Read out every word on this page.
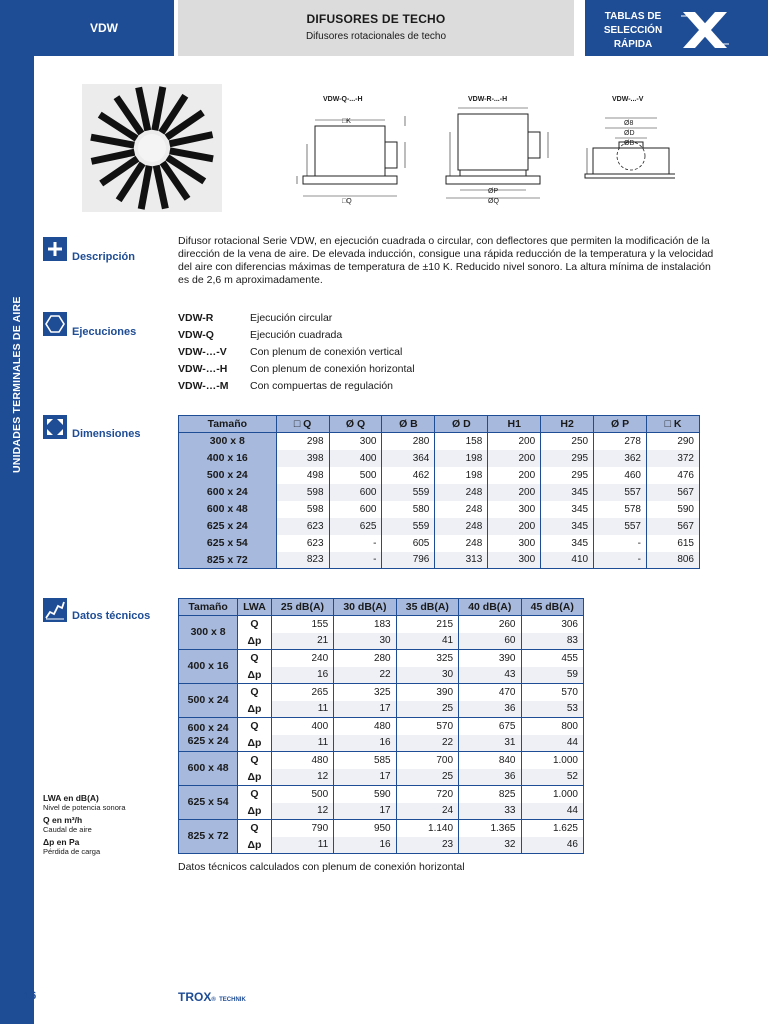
UNIDADES TERMINALES DE AIRE
VDW
DIFUSORES DE TECHO
Difusores rotacionales de techo
TABLAS DE SELECCIÓN RÁPIDA
VDW-Q-...-H
□K
□Q
VDW-R-...-H
ØP
ØQ
VDW-...-V
Ø8
ØD
ØB
Descripción
Difusor rotacional Serie VDW, en ejecución cuadrada o circular, con deflectores que permiten la modificación de la dirección de la vena de aire. De elevada inducción, consigue una rápida reducción de la temperatura y la velocidad del aire con diferencias máximas de temperatura de ±10 K. Reducido nivel sonoro. La altura mínima de instalación es de 2,6 m aproximadamente.
Ejecuciones
VDW-R	Ejecución circular
VDW-Q	Ejecución cuadrada
VDW-…-V	Con plenum de conexión vertical
VDW-…-H	Con plenum de conexión horizontal
VDW-…-M	Con compuertas de regulación
Dimensiones
Tamaño	□ Q	Ø Q	Ø B	Ø D	H1	H2	Ø P	□ K
300 x 8	298	300	280	158	200	250	278	290
400 x 16	398	400	364	198	200	295	362	372
500 x 24	498	500	462	198	200	295	460	476
600 x 24	598	600	559	248	200	345	557	567
600 x 48	598	600	580	248	300	345	578	590
625 x 24	623	625	559	248	200	345	557	567
625 x 54	623	-	605	248	300	345	-	615
825 x 72	823	-	796	313	300	410	-	806
Datos técnicos
Tamaño	LWA	25 dB(A)	30 dB(A)	35 dB(A)	40 dB(A)	45 dB(A)

300 x 8	Q	155	183	215	260	306
	Δp	21	30	41	60	83

400 x 16	Q	240	280	325	390	455
	Δp	16	22	30	43	59

500 x 24	Q	265	325	390	470	570
	Δp	11	17	25	36	53

600 x 24
625 x 24	Q	400	480	570	675	800
	Δp	11	16	22	31	44

600 x 48	Q	480	585	700	840	1.000
	Δp	12	17	25	36	52

625 x 54	Q	500	590	720	825	1.000
	Δp	12	17	24	33	44

825 x 72	Q	790	950	1.140	1.365	1.625
	Δp	11	16	23	32	46
Datos técnicos calculados con plenum de conexión horizontal
LWA en dB(A)
Nivel de potencia sonora
Q en m³/h
Caudal de aire
Δp en Pa
Pérdida de carga
16	TROX® TECHNIK
